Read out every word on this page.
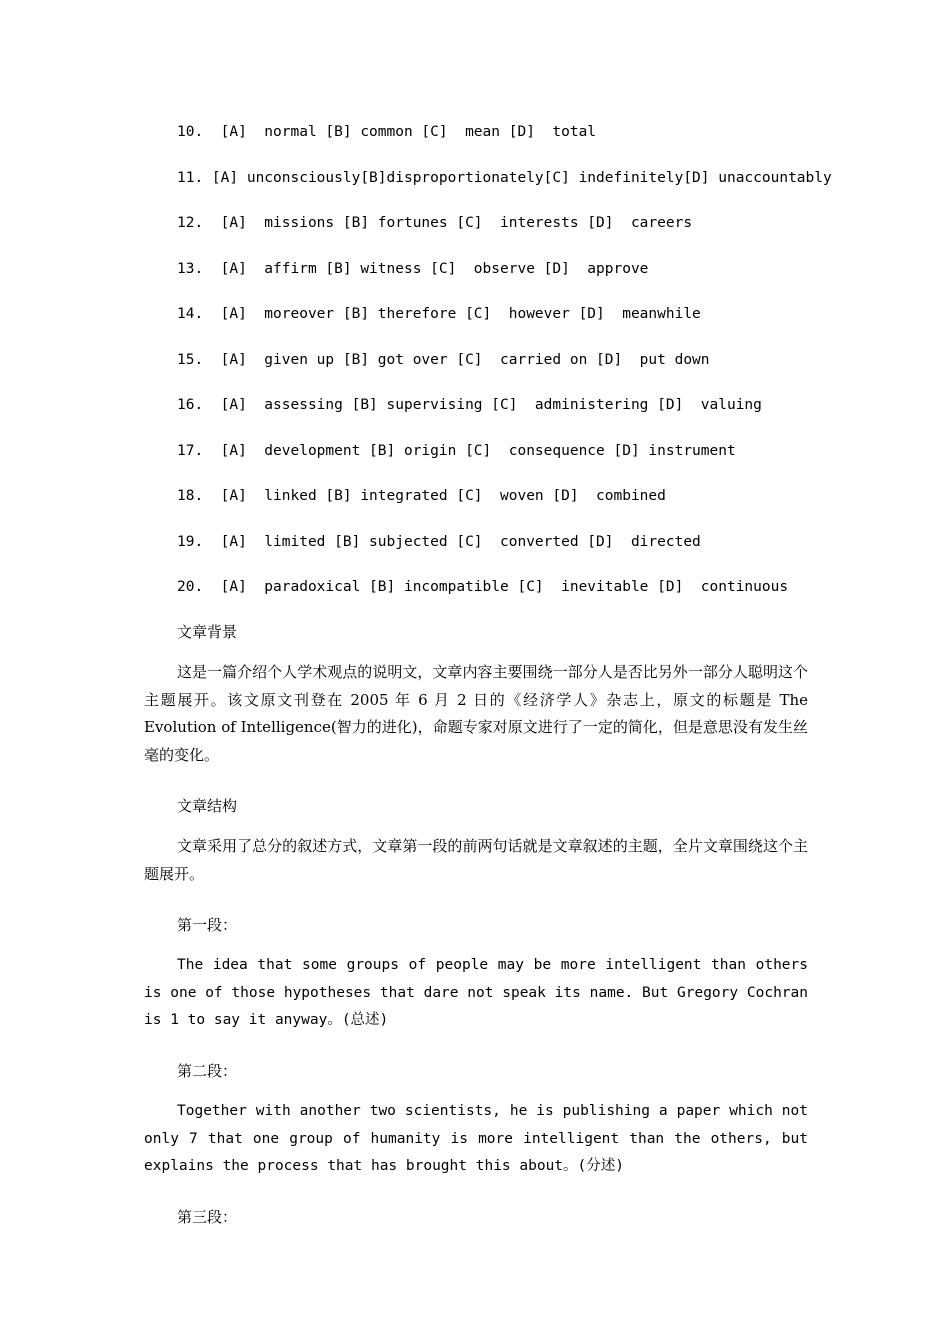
10.  [A]  normal [B] common [C]  mean [D]  total
11. [A] unconsciously[B]disproportionately[C] indefinitely[D] unaccountably
12.  [A]  missions [B] fortunes [C]  interests [D]  careers
13.  [A]  affirm [B] witness [C]  observe [D]  approve
14.  [A]  moreover [B] therefore [C]  however [D]  meanwhile
15.  [A]  given up [B] got over [C]  carried on [D]  put down
16.  [A]  assessing [B] supervising [C]  administering [D]  valuing
17.  [A]  development [B] origin [C]  consequence [D] instrument
18.  [A]  linked [B] integrated [C]  woven [D]  combined
19.  [A]  limited [B] subjected [C]  converted [D]  directed
20.  [A]  paradoxical [B] incompatible [C]  inevitable [D]  continuous
文章背景

这是一篇介绍个人学术观点的说明文，文章内容主要围绕一部分人是否比另外一部分人聪明这个主题展开。该文原文刊登在 2005 年 6 月 2 日的《经济学人》杂志上，原文的标题是 The Evolution of Intelligence(智力的进化)，命题专家对原文进行了一定的简化，但是意思没有发生丝毫的变化。

文章结构

文章采用了总分的叙述方式，文章第一段的前两句话就是文章叙述的主题，全片文章围绕这个主题展开。

第一段：

The idea that some groups of people may be more intelligent than others is one of those hypotheses that dare not speak its name. But Gregory Cochran is 1 to say it anyway。(总述)

第二段：

Together with another two scientists, he is publishing a paper which not only 7 that one group of humanity is more intelligent than the others, but explains the process that has brought this about。(分述)

第三段：
